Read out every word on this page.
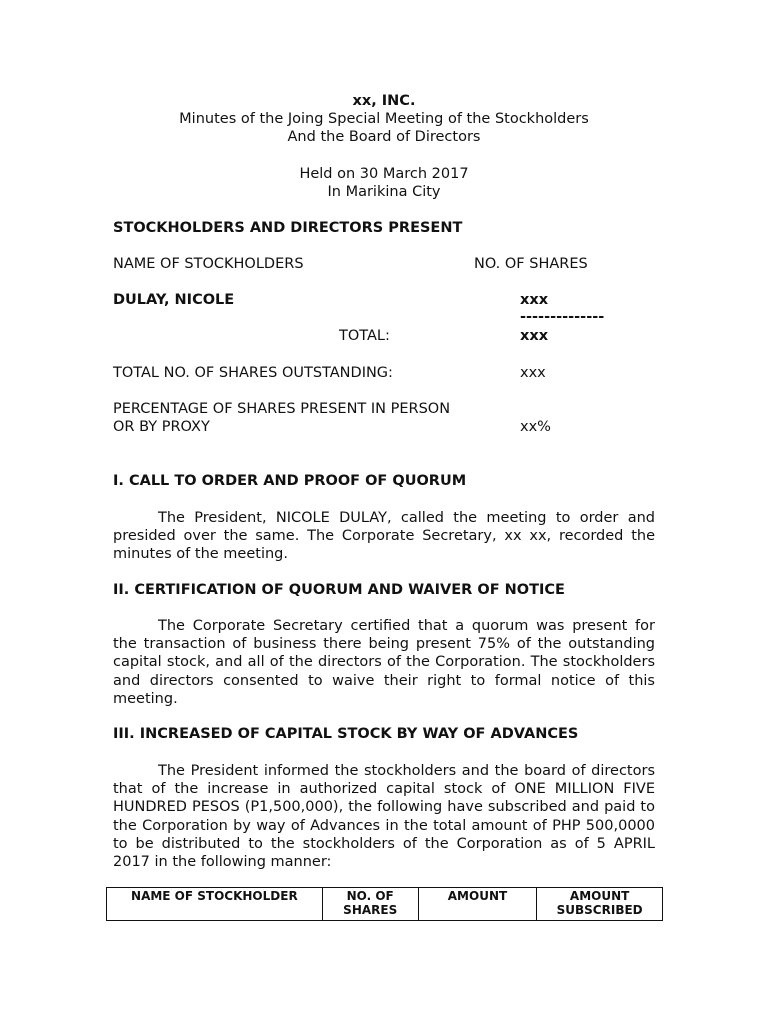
xx, INC.
Minutes of the Joing Special Meeting of the Stockholders
And the Board of Directors
Held on 30 March 2017
In Marikina City
STOCKHOLDERS AND DIRECTORS PRESENT
NAME OF STOCKHOLDERS	NO. OF SHARES
DULAY, NICOLE	xxx
--------------
TOTAL:	xxx
TOTAL NO. OF SHARES OUTSTANDING:	xxx
PERCENTAGE OF SHARES PRESENT IN PERSON
OR BY PROXY	xx%
I. CALL TO ORDER AND PROOF OF QUORUM

The President, NICOLE DULAY, called the meeting to order and presided over the same. The Corporate Secretary, xx xx, recorded the minutes of the meeting.

II. CERTIFICATION OF QUORUM AND WAIVER OF NOTICE

The Corporate Secretary certified that a quorum was present for the transaction of business there being present 75% of the outstanding capital stock, and all of the directors of the Corporation. The stockholders and directors consented to waive their right to formal notice of this meeting.

III. INCREASED OF CAPITAL STOCK BY WAY OF ADVANCES

The President informed the stockholders and the board of directors that of the increase in authorized capital stock of ONE MILLION FIVE HUNDRED PESOS (P1,500,000), the following have subscribed and paid to the Corporation by way of Advances in the total amount of PHP 500,0000 to be distributed to the stockholders of the Corporation as of 5 APRIL 2017 in the following manner:

NAME OF STOCKHOLDER	NO. OF SHARES	AMOUNT	AMOUNT SUBSCRIBED
